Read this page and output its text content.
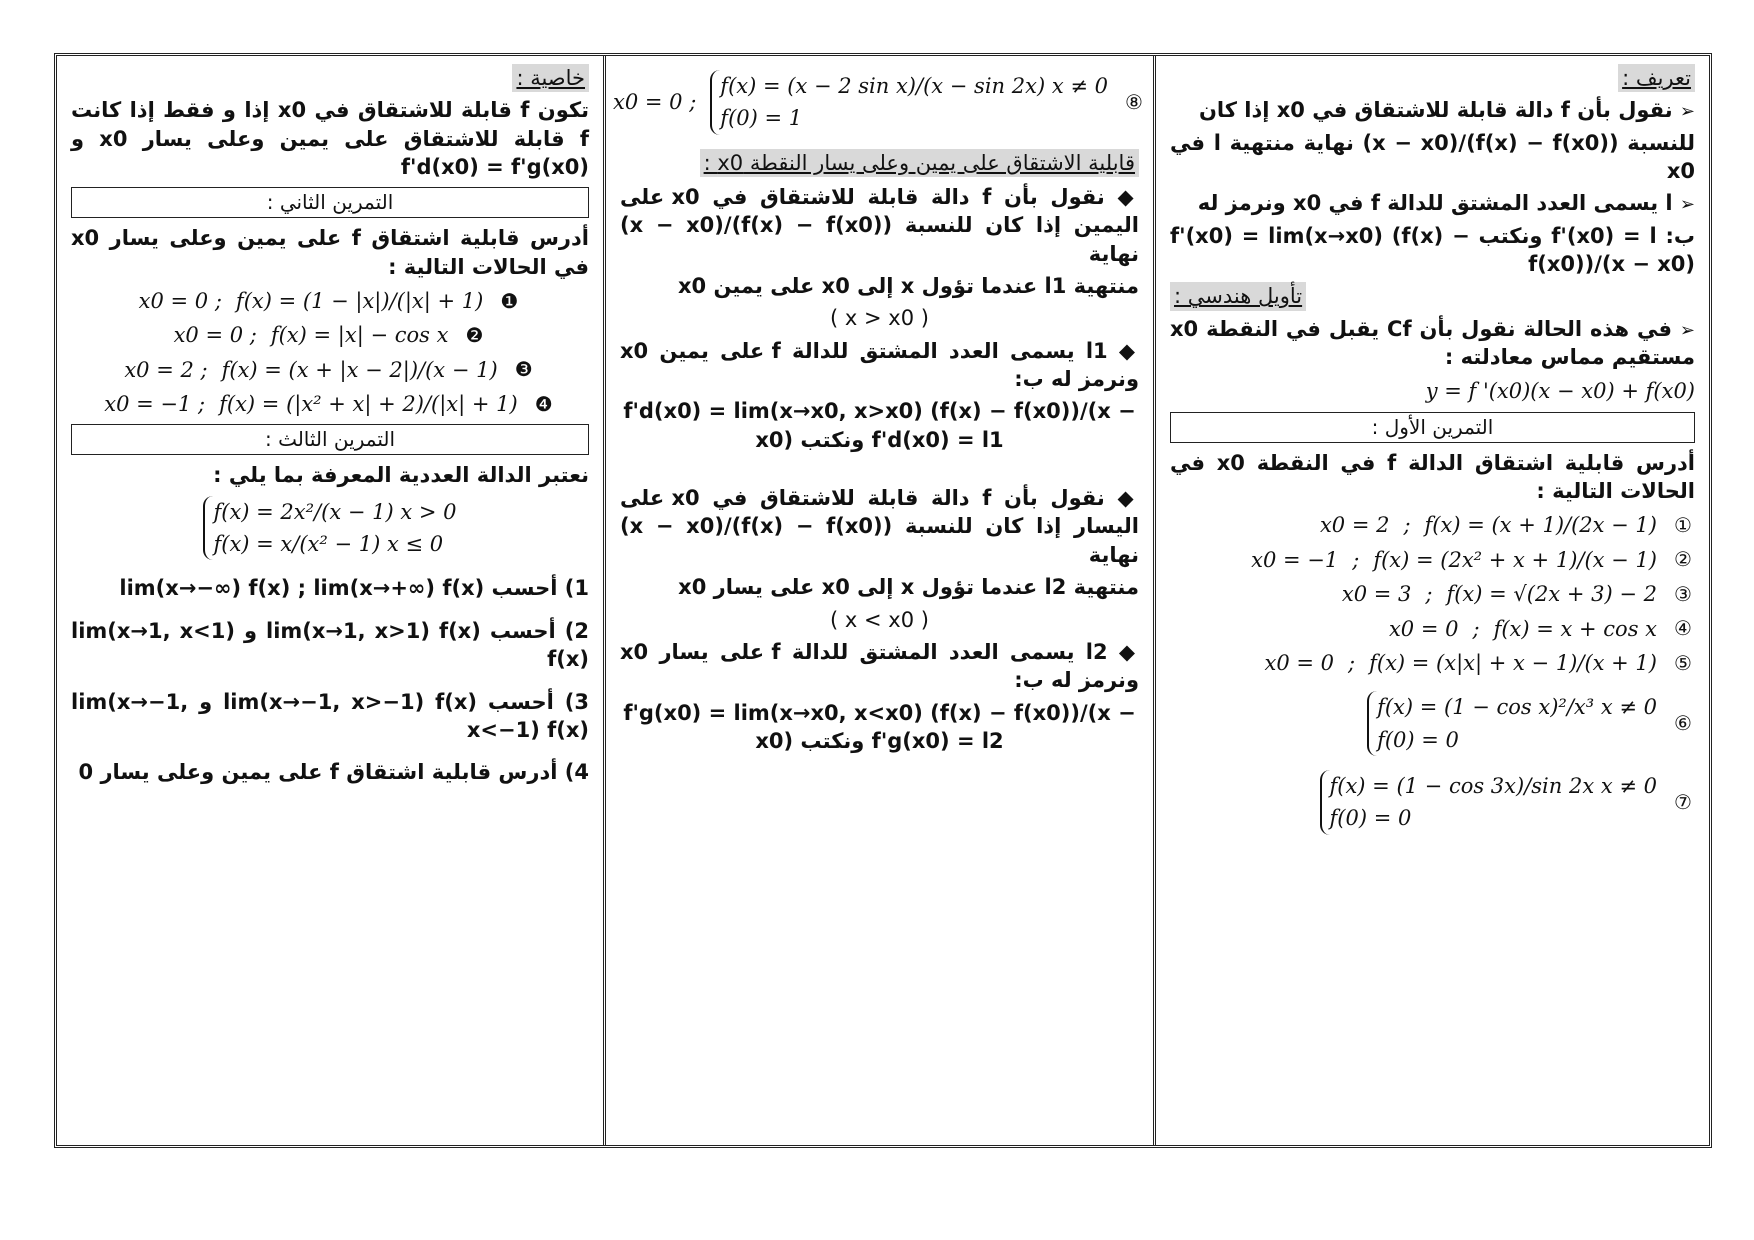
تعريف :
➢ نقول بأن f دالة قابلة للاشتقاق في x0 إذا كان
للنسبة (f(x) − f(x0))/(x − x0) نهاية منتهية l في x0
➢ l يسمى العدد المشتق للدالة f في x0 ونرمز له
ب: f'(x0) = l ونكتب f'(x0) = lim(x→x0) (f(x) − f(x0))/(x − x0)
تأويل هندسي :
➢ في هذه الحالة نقول بأن Cf يقبل في النقطة x0 مستقيم مماس معادلته :
y = f '(x0)(x − x0) + f(x0)
التمرين الأول :
أدرس قابلية اشتقاق الدالة f في النقطة x0 في الحالات التالية :
x0 = 2 ; f(x) = (x + 1)/(2x − 1) ①
x0 = −1 ; f(x) = (2x² + x + 1)/(x − 1) ②
x0 = 3 ; f(x) = √(2x + 3) − 2 ③
x0 = 0 ; f(x) = x + cos x ④
x0 = 0 ; f(x) = (x|x| + x − 1)/(x + 1) ⑤
f(x) = (1 − cos x)²/x³ x ≠ 0
f(0) = 0
⑥
f(x) = (1 − cos 3x)/sin 2x x ≠ 0
f(0) = 0
⑦
x0 = 0 ;
f(x) = (x − 2 sin x)/(x − sin 2x) x ≠ 0
f(0) = 1
⑧
قابلية الاشتقاق على يمين وعلى يسار النقطة x0 :
◆ نقول بأن f دالة قابلة للاشتقاق في x0 على اليمين إذا كان للنسبة (f(x) − f(x0))/(x − x0) نهاية
منتهية l1 عندما تؤول x إلى x0 على يمين x0
( x > x0 )
◆ l1 يسمى العدد المشتق للدالة f على يمين x0 ونرمز له ب:
f'd(x0) = lim(x→x0, x>x0) (f(x) − f(x0))/(x − x0) ونكتب f'd(x0) = l1
◆ نقول بأن f دالة قابلة للاشتقاق في x0 على اليسار إذا كان للنسبة (f(x) − f(x0))/(x − x0) نهاية
منتهية l2 عندما تؤول x إلى x0 على يسار x0
( x < x0 )
◆ l2 يسمى العدد المشتق للدالة f على يسار x0 ونرمز له ب:
f'g(x0) = lim(x→x0, x<x0) (f(x) − f(x0))/(x − x0) ونكتب f'g(x0) = l2
خاصية :
تكون f قابلة للاشتقاق في x0 إذا و فقط إذا كانت f قابلة للاشتقاق على يمين وعلى يسار x0 و f'd(x0) = f'g(x0)
التمرين الثاني :
أدرس قابلية اشتقاق f على يمين وعلى يسار x0 في الحالات التالية :
x0 = 0 ; f(x) = (1 − |x|)/(|x| + 1) ❶
x0 = 0 ; f(x) = |x| − cos x ❷
x0 = 2 ; f(x) = (x + |x − 2|)/(x − 1) ❸
x0 = −1 ; f(x) = (|x² + x| + 2)/(|x| + 1) ❹
التمرين الثالث :
نعتبر الدالة العددية المعرفة بما يلي :
f(x) = 2x²/(x − 1) x > 0
f(x) = x/(x² − 1) x ≤ 0
1) أحسب lim(x→−∞) f(x) ; lim(x→+∞) f(x)
2) أحسب lim(x→1, x>1) f(x) و lim(x→1, x<1) f(x)
3) أحسب lim(x→−1, x>−1) f(x) و lim(x→−1, x<−1) f(x)
4) أدرس قابلية اشتقاق f على يمين وعلى يسار 0
